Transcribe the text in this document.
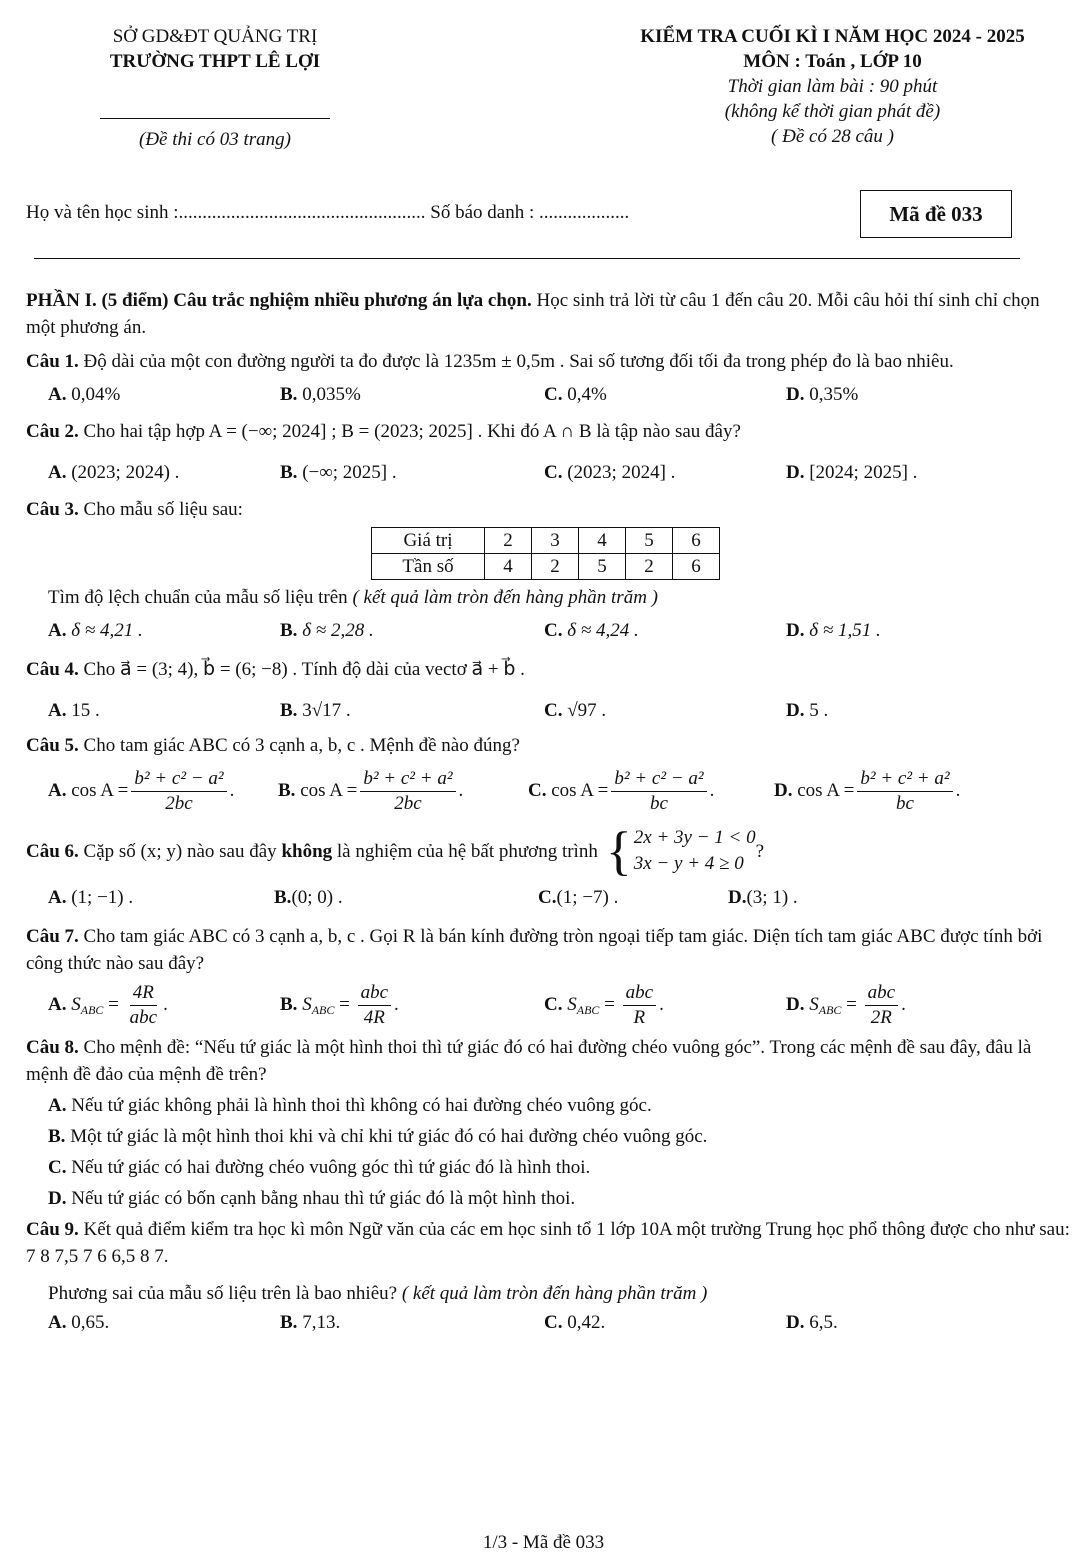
SỞ GD&ĐT QUẢNG TRỊ
TRƯỜNG THPT LÊ LỢI
(Đề thi có 03 trang)
KIỂM TRA CUỐI KÌ I NĂM HỌC 2024 - 2025
MÔN : Toán , LỚP 10
Thời gian làm bài : 90 phút
(không kể thời gian phát đề)
( Đề có 28 câu )
Họ và tên học sinh :.................................................... Số báo danh : ...................	Mã đề 033

PHẦN I. (5 điểm) Câu trắc nghiệm nhiều phương án lựa chọn. Học sinh trả lời từ câu 1 đến câu 20. Mỗi câu hỏi thí sinh chỉ chọn một phương án.

Câu 1. Độ dài của một con đường người ta đo được là 1235m ± 0,5m . Sai số tương đối tối đa trong phép đo là bao nhiêu.

A. 0,04%	B. 0,035%	C. 0,4%	D. 0,35%

Câu 2. Cho hai tập hợp A = (−∞; 2024] ; B = (2023; 2025] . Khi đó A ∩ B là tập nào sau đây?

A. (2023; 2024) .	B. (−∞; 2025] .	C. (2023; 2024] .	D. [2024; 2025] .

Câu 3. Cho mẫu số liệu sau:

Giá trị	2	3	4	5	6
Tần số	4	2	5	2	6

Tìm độ lệch chuẩn của mẫu số liệu trên ( kết quả làm tròn đến hàng phần trăm )

A. δ ≈ 4,21 .	B. δ ≈ 2,28 .	C. δ ≈ 4,24 .	D. δ ≈ 1,51 .

Câu 4. Cho a⃗ = (3; 4), b⃗ = (6; −8) . Tính độ dài của vectơ a⃗ + b⃗ .

A. 15 .	B. 3√17 .	C. √97 .	D. 5 .

Câu 5. Cho tam giác ABC có 3 cạnh a, b, c . Mệnh đề nào đúng?

A. $\cos A = \frac{\text{b² + c² − a²}}{2bc}$ .	B. $\cos A = \frac{\text{b² + c² + a²}}{2bc}$ .	C. $\cos A = \frac{\text{b² + c² − a²}}{bc}$ .	D. $\cos A = \frac{\text{b² + c² + a²}}{bc}$ .

Câu 6. Cặp số (x; y) nào sau đây không là nghiệm của hệ bất phương trình { 2x + 3y − 1 < 0
3x − y + 4 ≥ 0
?

A. (1; −1) .	B.(0; 0) .	C.(1; −7) .	D.(3; 1) .

Câu 7. Cho tam giác ABC có 3 cạnh a, b, c . Gọi R là bán kính đường tròn ngoại tiếp tam giác. Diện tích tam giác ABC được tính bởi công thức nào sau đây?

A. $S_{ABC} = \frac{4R}{\text{abc}}$ .	B. $S_{ABC} = \frac{\text{abc}}{4R}$ .	C. $S_{ABC} = \frac{\text{abc}}{R}$ .	D. $S_{ABC} = \frac{\text{abc}}{2R}$ .

Câu 8. Cho mệnh đề: “Nếu tứ giác là một hình thoi thì tứ giác đó có hai đường chéo vuông góc”. Trong các mệnh đề sau đây, đâu là mệnh đề đảo của mệnh đề trên?

A. Nếu tứ giác không phải là hình thoi thì không có hai đường chéo vuông góc.

B. Một tứ giác là một hình thoi khi và chỉ khi tứ giác đó có hai đường chéo vuông góc.

C. Nếu tứ giác có hai đường chéo vuông góc thì tứ giác đó là hình thoi.

D. Nếu tứ giác có bốn cạnh bằng nhau thì tứ giác đó là một hình thoi.

Câu 9. Kết quả điểm kiểm tra học kì môn Ngữ văn của các em học sinh tổ 1 lớp 10A một trường Trung học phổ thông được cho như sau: 7 8 7,5 7 6 6,5 8 7.

Phương sai của mẫu số liệu trên là bao nhiêu? ( kết quả làm tròn đến hàng phần trăm )

A. 0,65.	B. 7,13.	C. 0,42.	D. 6,5.
1/3 - Mã đề 033
